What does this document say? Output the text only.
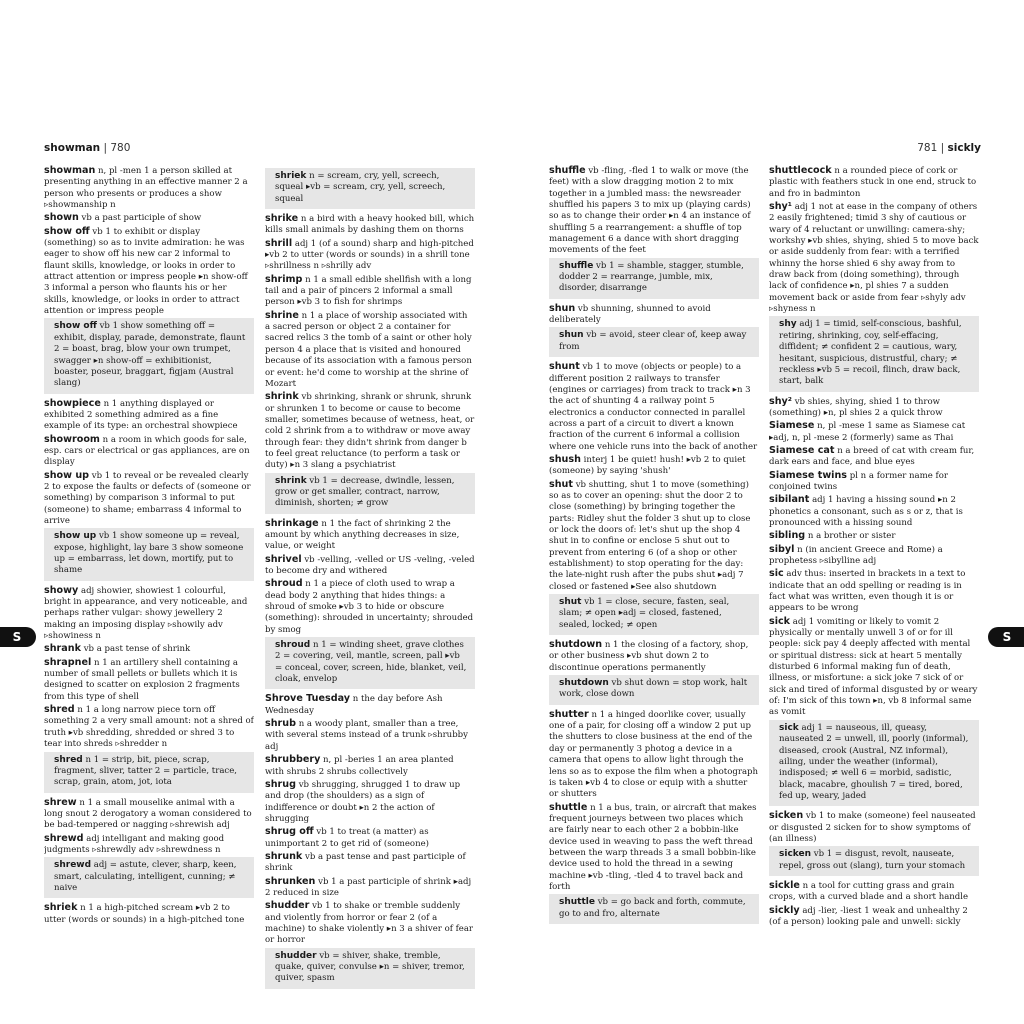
showman | 780	781 | sickly
showman n, pl -men 1 a person skilled at presenting anything in an effective manner 2 a person who presents or produces a show ▹showmanship n
shown vb a past participle of show
show off vb 1 to exhibit or display (something) so as to invite admiration: he was eager to show off his new car 2 informal to flaunt skills, knowledge, or looks in order to attract attention or impress people ▸n show-off 3 informal a person who flaunts his or her skills, knowledge, or looks in order to attract attention or impress people
show off vb 1 show something off = exhibit, display, parade, demonstrate, flaunt 2 = boast, brag, blow your own trumpet, swagger ▸n show-off = exhibitionist, boaster, poseur, braggart, figjam (Austral slang)
showpiece n 1 anything displayed or exhibited 2 something admired as a fine example of its type: an orchestral showpiece
showroom n a room in which goods for sale, esp. cars or electrical or gas appliances, are on display
show up vb 1 to reveal or be revealed clearly 2 to expose the faults or defects of (someone or something) by comparison 3 informal to put (someone) to shame; embarrass 4 informal to arrive
show up vb 1 show someone up = reveal, expose, highlight, lay bare 3 show someone up = embarrass, let down, mortify, put to shame
showy adj showier, showiest 1 colourful, bright in appearance, and very noticeable, and perhaps rather vulgar: showy jewellery 2 making an imposing display ▹showily adv ▹showiness n
shrank vb a past tense of shrink
shrapnel n 1 an artillery shell containing a number of small pellets or bullets which it is designed to scatter on explosion 2 fragments from this type of shell
shred n 1 a long narrow piece torn off something 2 a very small amount: not a shred of truth ▸vb shredding, shredded or shred 3 to tear into shreds ▹shredder n
shred n 1 = strip, bit, piece, scrap, fragment, sliver, tatter 2 = particle, trace, scrap, grain, atom, jot, iota
shrew n 1 a small mouselike animal with a long snout 2 derogatory a woman considered to be bad-tempered or nagging ▹shrewish adj
shrewd adj intelligant and making good judgments ▹shrewdly adv ▹shrewdness n
shrewd adj = astute, clever, sharp, keen, smart, calculating, intelligent, cunning; ≠ naive
shriek n 1 a high-pitched scream ▸vb 2 to utter (words or sounds) in a high-pitched tone
shriek n = scream, cry, yell, screech, squeal ▸vb = scream, cry, yell, screech, squeal
shrike n a bird with a heavy hooked bill, which kills small animals by dashing them on thorns
shrill adj 1 (of a sound) sharp and high-pitched ▸vb 2 to utter (words or sounds) in a shrill tone ▹shrillness n ▹shrilly adv
shrimp n 1 a small edible shellfish with a long tail and a pair of pincers 2 informal a small person ▸vb 3 to fish for shrimps
shrine n 1 a place of worship associated with a sacred person or object 2 a container for sacred relics 3 the tomb of a saint or other holy person 4 a place that is visited and honoured because of its association with a famous person or event: he'd come to worship at the shrine of Mozart
shrink vb shrinking, shrank or shrunk, shrunk or shrunken 1 to become or cause to become smaller, sometimes because of wetness, heat, or cold 2 shrink from a to withdraw or move away through fear: they didn't shrink from danger b to feel great reluctance (to perform a task or duty) ▸n 3 slang a psychiatrist
shrink vb 1 = decrease, dwindle, lessen, grow or get smaller, contract, narrow, diminish, shorten; ≠ grow
shrinkage n 1 the fact of shrinking 2 the amount by which anything decreases in size, value, or weight
shrivel vb -velling, -velled or US -veling, -veled to become dry and withered
shroud n 1 a piece of cloth used to wrap a dead body 2 anything that hides things: a shroud of smoke ▸vb 3 to hide or obscure (something): shrouded in uncertainty; shrouded by smog
shroud n 1 = winding sheet, grave clothes 2 = covering, veil, mantle, screen, pall ▸vb = conceal, cover, screen, hide, blanket, veil, cloak, envelop
Shrove Tuesday n the day before Ash Wednesday
shrub n a woody plant, smaller than a tree, with several stems instead of a trunk ▹shrubby adj
shrubbery n, pl -beries 1 an area planted with shrubs 2 shrubs collectively
shrug vb shrugging, shrugged 1 to draw up and drop (the shoulders) as a sign of indifference or doubt ▸n 2 the action of shrugging
shrug off vb 1 to treat (a matter) as unimportant 2 to get rid of (someone)
shrunk vb a past tense and past participle of shrink
shrunken vb 1 a past participle of shrink ▸adj 2 reduced in size
shudder vb 1 to shake or tremble suddenly and violently from horror or fear 2 (of a machine) to shake violently ▸n 3 a shiver of fear or horror
shudder vb = shiver, shake, tremble, quake, quiver, convulse ▸n = shiver, tremor, quiver, spasm
shuffle vb -fling, -fled 1 to walk or move (the feet) with a slow dragging motion 2 to mix together in a jumbled mass: the newsreader shuffled his papers 3 to mix up (playing cards) so as to change their order ▸n 4 an instance of shuffling 5 a rearrangement: a shuffle of top management 6 a dance with short dragging movements of the feet
shuffle vb 1 = shamble, stagger, stumble, dodder 2 = rearrange, jumble, mix, disorder, disarrange
shun vb shunning, shunned to avoid deliberately
shun vb = avoid, steer clear of, keep away from
shunt vb 1 to move (objects or people) to a different position 2 railways to transfer (engines or carriages) from track to track ▸n 3 the act of shunting 4 a railway point 5 electronics a conductor connected in parallel across a part of a circuit to divert a known fraction of the current 6 informal a collision where one vehicle runs into the back of another
shush interj 1 be quiet! hush! ▸vb 2 to quiet (someone) by saying 'shush'
shut vb shutting, shut 1 to move (something) so as to cover an opening: shut the door 2 to close (something) by bringing together the parts: Ridley shut the folder 3 shut up to close or lock the doors of: let's shut up the shop 4 shut in to confine or enclose 5 shut out to prevent from entering 6 (of a shop or other establishment) to stop operating for the day: the late-night rush after the pubs shut ▸adj 7 closed or fastened ▸See also shutdown
shut vb 1 = close, secure, fasten, seal, slam; ≠ open ▸adj = closed, fastened, sealed, locked; ≠ open
shutdown n 1 the closing of a factory, shop, or other business ▸vb shut down 2 to discontinue operations permanently
shutdown vb shut down = stop work, halt work, close down
shutter n 1 a hinged doorlike cover, usually one of a pair, for closing off a window 2 put up the shutters to close business at the end of the day or permanently 3 photog a device in a camera that opens to allow light through the lens so as to expose the film when a photograph is taken ▸vb 4 to close or equip with a shutter or shutters
shuttle n 1 a bus, train, or aircraft that makes frequent journeys between two places which are fairly near to each other 2 a bobbin-like device used in weaving to pass the weft thread between the warp threads 3 a small bobbin-like device used to hold the thread in a sewing machine ▸vb -tling, -tled 4 to travel back and forth
shuttle vb = go back and forth, commute, go to and fro, alternate
shuttlecock n a rounded piece of cork or plastic with feathers stuck in one end, struck to and fro in badminton
shy¹ adj 1 not at ease in the company of others 2 easily frightened; timid 3 shy of cautious or wary of 4 reluctant or unwilling: camera-shy; workshy ▸vb shies, shying, shied 5 to move back or aside suddenly from fear: with a terrified whinny the horse shied 6 shy away from to draw back from (doing something), through lack of confidence ▸n, pl shies 7 a sudden movement back or aside from fear ▹shyly adv ▹shyness n
shy adj 1 = timid, self-conscious, bashful, retiring, shrinking, coy, self-effacing, diffident; ≠ confident 2 = cautious, wary, hesitant, suspicious, distrustful, chary; ≠ reckless ▸vb 5 = recoil, flinch, draw back, start, balk
shy² vb shies, shying, shied 1 to throw (something) ▸n, pl shies 2 a quick throw
Siamese n, pl -mese 1 same as Siamese cat ▸adj, n, pl -mese 2 (formerly) same as Thai
Siamese cat n a breed of cat with cream fur, dark ears and face, and blue eyes
Siamese twins pl n a former name for conjoined twins
sibilant adj 1 having a hissing sound ▸n 2 phonetics a consonant, such as s or z, that is pronounced with a hissing sound
sibling n a brother or sister
sibyl n (in ancient Greece and Rome) a prophetess ▹sibylline adj
sic adv thus: inserted in brackets in a text to indicate that an odd spelling or reading is in fact what was written, even though it is or appears to be wrong
sick adj 1 vomiting or likely to vomit 2 physically or mentally unwell 3 of or for ill people: sick pay 4 deeply affected with mental or spiritual distress: sick at heart 5 mentally disturbed 6 informal making fun of death, illness, or misfortune: a sick joke 7 sick of or sick and tired of informal disgusted by or weary of: I'm sick of this town ▸n, vb 8 informal same as vomit
sick adj 1 = nauseous, ill, queasy, nauseated 2 = unwell, ill, poorly (informal), diseased, crook (Austral, NZ informal), ailing, under the weather (informal), indisposed; ≠ well 6 = morbid, sadistic, black, macabre, ghoulish 7 = tired, bored, fed up, weary, jaded
sicken vb 1 to make (someone) feel nauseated or disgusted 2 sicken for to show symptoms of (an illness)
sicken vb 1 = disgust, revolt, nauseate, repel, gross out (slang), turn your stomach
sickle n a tool for cutting grass and grain crops, with a curved blade and a short handle
sickly adj -lier, -liest 1 weak and unhealthy 2 (of a person) looking pale and unwell: sickly
S	S
